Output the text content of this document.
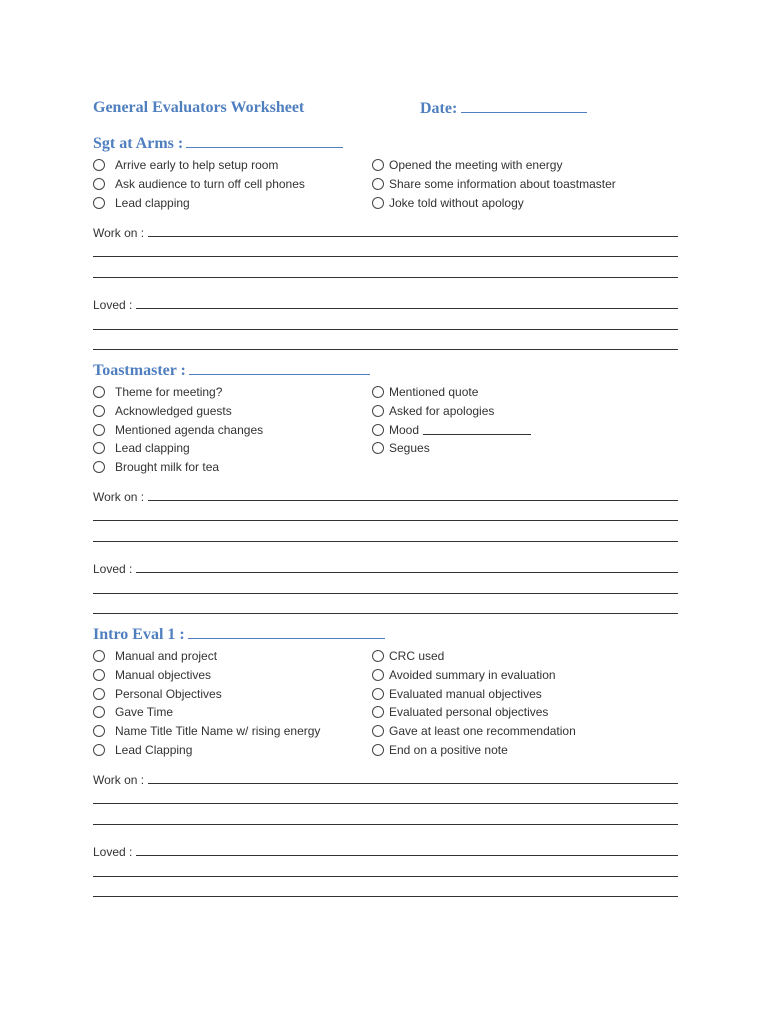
General Evaluators Worksheet	Date:
Sgt at Arms :
Arrive early to help setup room
Ask audience to turn off cell phones
Lead clapping
Opened the meeting with energy
Share some information about toastmaster
Joke told without apology
Work on :
Loved :
Toastmaster :
Theme for meeting?
Acknowledged guests
Mentioned agenda changes
Lead clapping
Brought milk for tea
Mentioned quote
Asked for apologies
Mood
Segues
Work on :
Loved :
Intro Eval 1 :
Manual and project
Manual objectives
Personal Objectives
Gave Time
Name Title Title Name w/ rising energy
Lead Clapping
CRC used
Avoided summary in evaluation
Evaluated manual objectives
Evaluated personal objectives
Gave at least one recommendation
End on a positive note
Work on :
Loved :
